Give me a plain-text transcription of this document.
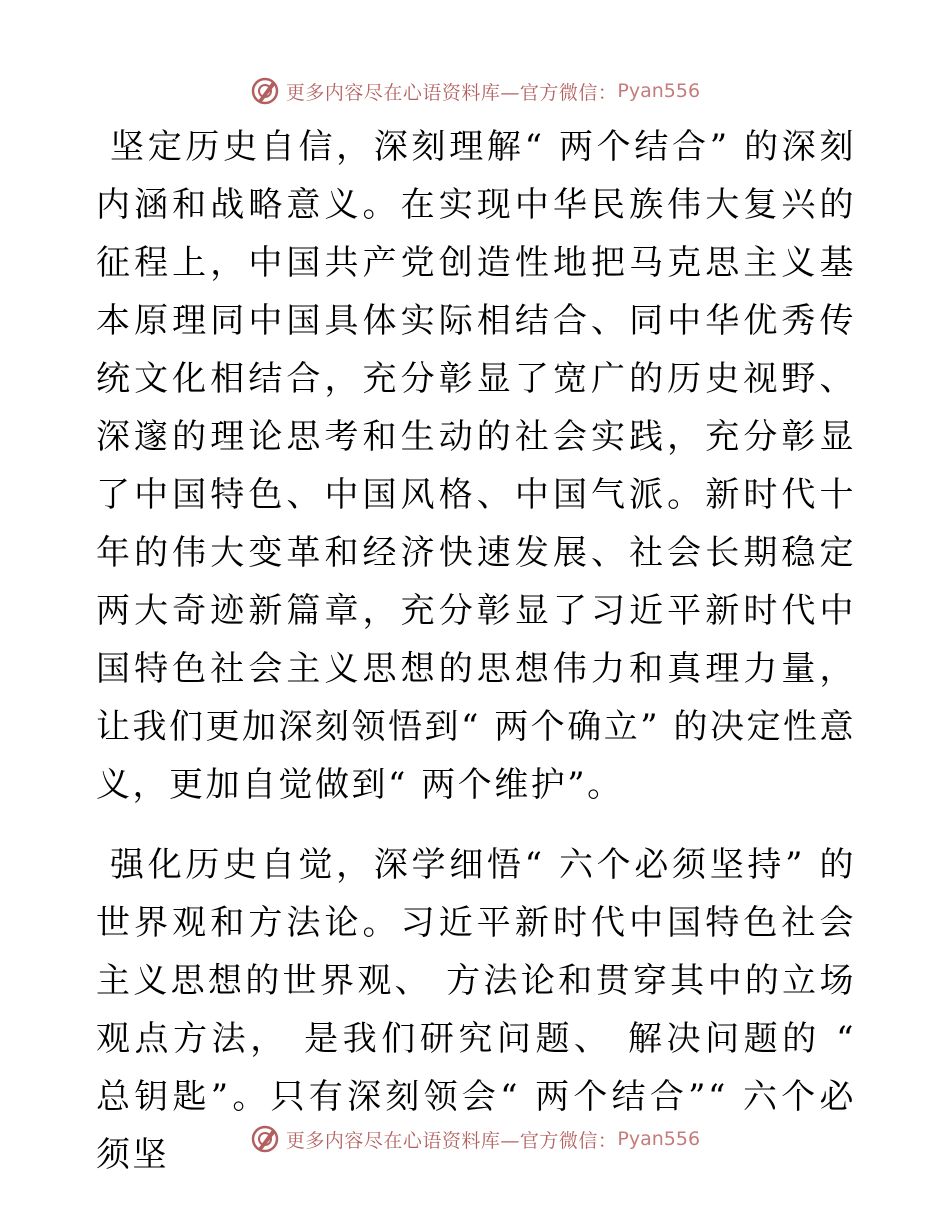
更多内容尽在心语资料库—官方微信： Pyan556

坚定历史自信，深刻理解“ 两个结合” 的深刻内涵和战略意义。在实现中华民族伟大复兴的征程上，中国共产党创造性地把马克思主义基本原理同中国具体实际相结合、同中华优秀传统文化相结合，充分彰显了宽广的历史视野、深邃的理论思考和生动的社会实践，充分彰显了中国特色、中国风格、中国气派。新时代十年的伟大变革和经济快速发展、社会长期稳定两大奇迹新篇章，充分彰显了习近平新时代中国特色社会主义思想的思想伟力和真理力量，让我们更加深刻领悟到“ 两个确立” 的决定性意义，更加自觉做到“ 两个维护”。

强化历史自觉，深学细悟“ 六个必须坚持” 的世界观和方法论。习近平新时代中国特色社会主义思想的世界观、 方法论和贯穿其中的立场观点方法， 是我们研究问题、 解决问题的 “ 总钥匙”。只有深刻领会“ 两个结合”“ 六个必须坚	更多内容尽在心语资料库—官方微信： Pyan556
